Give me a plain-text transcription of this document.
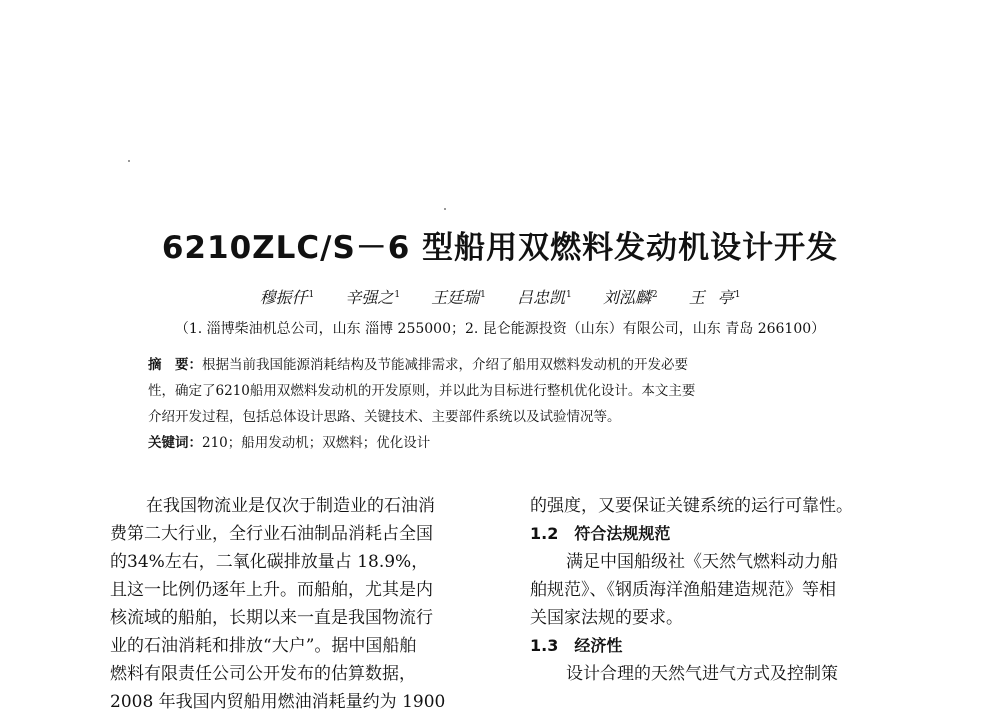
6210ZLC/S－6 型船用双燃料发动机设计开发
穆振仟$^1$ 辛强之$^1$ 王廷瑞$^1$ 吕忠凯$^1$ 刘泓麟$^2$ 王 亭$^1$
（1. 淄博柴油机总公司，山东 淄博 255000；2. 昆仑能源投资（山东）有限公司，山东 青岛 266100）
摘　要：根据当前我国能源消耗结构及节能减排需求，介绍了船用双燃料发动机的开发必要
性，确定了6210船用双燃料发动机的开发原则，并以此为目标进行整机优化设计。本文主要
介绍开发过程，包括总体设计思路、关键技术、主要部件系统以及试验情况等。
关键词：210；船用发动机；双燃料；优化设计
在我国物流业是仅次于制造业的石油消
费第二大行业，全行业石油制品消耗占全国
的34%左右，二氧化碳排放量占 18.9%，
且这一比例仍逐年上升。而船舶，尤其是内
核流域的船舶，长期以来一直是我国物流行
业的石油消耗和排放“大户”。据中国船舶
燃料有限责任公司公开发布的估算数据，
2008 年我国内贸船用燃油消耗量约为 1900
的强度，又要保证关键系统的运行可靠性。
1.2　符合法规规范
满足中国船级社《天然气燃料动力船
舶规范》、《钢质海洋渔船建造规范》等相
关国家法规的要求。
1.3　经济性
设计合理的天然气进气方式及控制策
